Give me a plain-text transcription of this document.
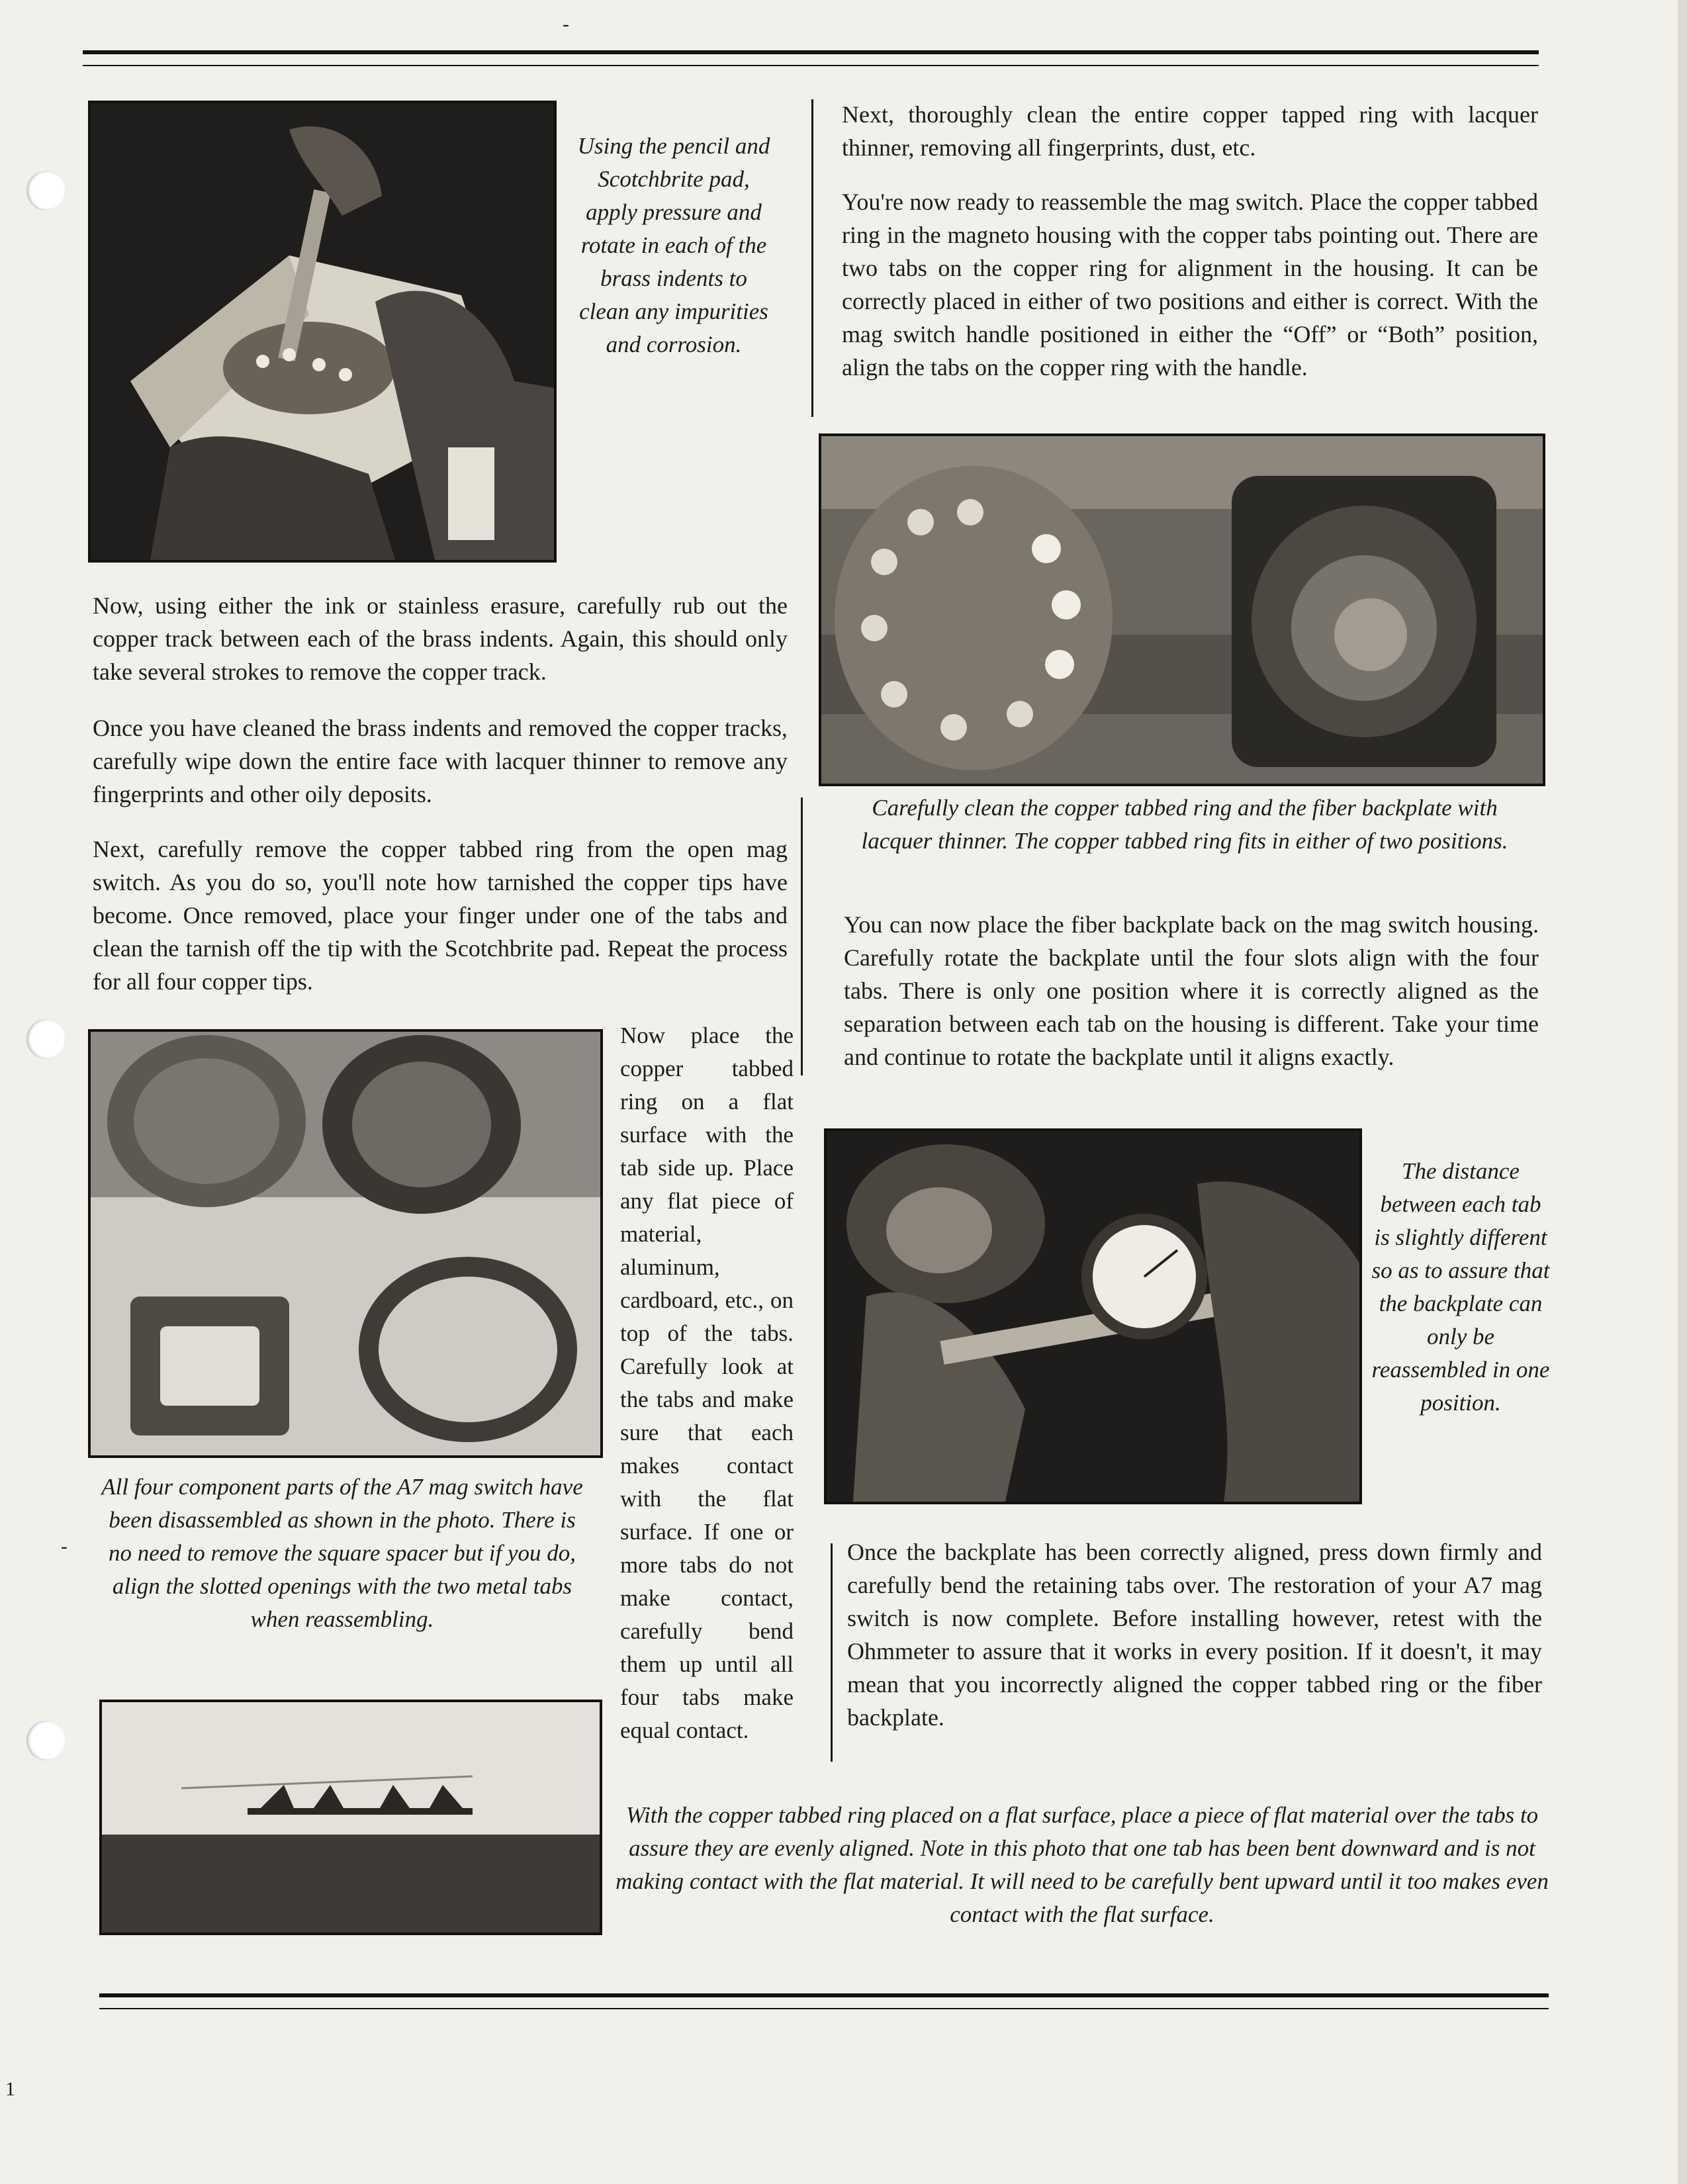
-
-
1
Using the pencil and Scotchbrite pad, apply pressure and rotate in each of the brass indents to clean any impurities and corrosion.

Now, using either the ink or stainless erasure, carefully rub out the copper track between each of the brass indents. Again, this should only take several strokes to remove the copper track.

Once you have cleaned the brass indents and removed the copper tracks, carefully wipe down the entire face with lacquer thinner to remove any fingerprints and other oily deposits.

Next, carefully remove the copper tabbed ring from the open mag switch. As you do so, you'll note how tarnished the copper tips have become. Once removed, place your finger under one of the tabs and clean the tarnish off the tip with the Scotchbrite pad. Repeat the process for all four copper tips.

All four component parts of the A7 mag switch have been disassembled as shown in the photo. There is no need to remove the square spacer but if you do, align the slotted openings with the two metal tabs when reassembling.

Now place the copper tabbed ring on a flat surface with the tab side up. Place any flat piece of material, aluminum, cardboard, etc., on top of the tabs. Carefully look at the tabs and make sure that each makes contact with the flat surface. If one or more tabs do not make contact, carefully bend them up until all four tabs make equal contact.

Next, thoroughly clean the entire copper tapped ring with lacquer thinner, removing all fingerprints, dust, etc.

You're now ready to reassemble the mag switch. Place the copper tabbed ring in the magneto housing with the copper tabs pointing out. There are two tabs on the copper ring for alignment in the housing. It can be correctly placed in either of two positions and either is correct. With the mag switch handle positioned in either the “Off” or “Both” position, align the tabs on the copper ring with the handle.

Carefully clean the copper tabbed ring and the fiber backplate with lacquer thinner. The copper tabbed ring fits in either of two positions.

You can now place the fiber backplate back on the mag switch housing. Carefully rotate the backplate until the four slots align with the four tabs. There is only one position where it is correctly aligned as the separation between each tab on the housing is different. Take your time and continue to rotate the backplate until it aligns exactly.

The distance between each tab is slightly different so as to assure that the backplate can only be reassembled in one position.

Once the backplate has been correctly aligned, press down firmly and carefully bend the retaining tabs over. The restoration of your A7 mag switch is now complete. Before installing however, retest with the Ohmmeter to assure that it works in every position. If it doesn't, it may mean that you incorrectly aligned the copper tabbed ring or the fiber backplate.

With the copper tabbed ring placed on a flat surface, place a piece of flat material over the tabs to assure they are evenly aligned. Note in this photo that one tab has been bent downward and is not making contact with the flat material. It will need to be carefully bent upward until it too makes even contact with the flat surface.
